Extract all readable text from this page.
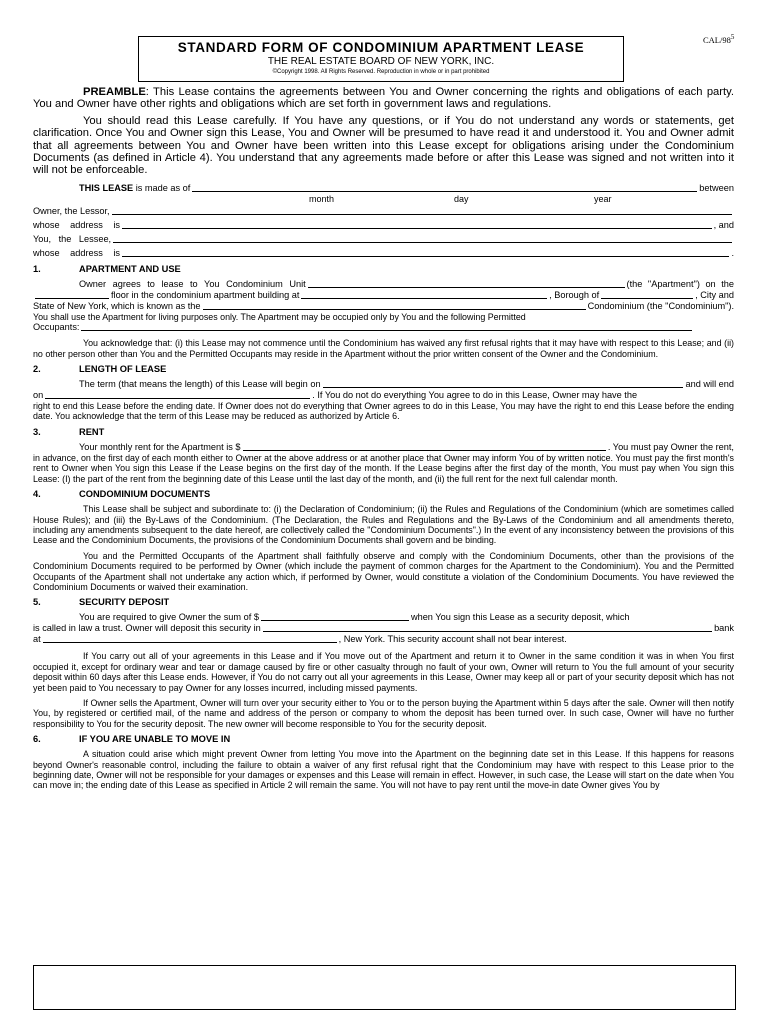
CAL/$98^5$
STANDARD FORM OF CONDOMINIUM APARTMENT LEASE
THE REAL ESTATE BOARD OF NEW YORK, INC.
©Copyright 1998. All Rights Reserved. Reproduction in whole or in part prohibited

PREAMBLE: This Lease contains the agreements between You and Owner concerning the rights and obligations of each party. You and Owner have other rights and obligations which are set forth in government laws and regulations.

You should read this Lease carefully. If You have any questions, or if You do not understand any words or statements, get clarification. Once You and Owner sign this Lease, You and Owner will be presumed to have read it and understood it. You and Owner admit that all agreements between You and Owner have been written into this Lease except for obligations arising under the Condominium Documents (as defined in Article 4). You understand that any agreements made before or after this Lease was signed and not written into it will not be enforceable.

THIS LEASE
is made as of	between
month	day	year
Owner, the Lessor,
whose address is	, and
You, the Lessee,
whose address is	.
1.	APARTMENT AND USE
Owner agrees to lease to You Condominium Unit	(the "Apartment") on the
floor in the condominium apartment building at	, Borough of	, City and
State of New York, which is known as the	Condominium (the "Condominium").

You shall use the Apartment for living purposes only. The Apartment may be occupied only by You and the following Permitted

Occupants:

You acknowledge that: (i) this Lease may not commence until the Condominium has waived any first refusal rights that it may have with respect to this Lease; and (ii) no other person other than You and the Permitted Occupants may reside in the Apartment without the prior written consent of the Owner and the Condominium.

2.	LENGTH OF LEASE
The term (that means the length) of this Lease will begin on	and will end
on	. If You do not do everything You agree to do in this Lease, Owner may have the

right to end this Lease before the ending date. If Owner does not do everything that Owner agrees to do in this Lease, You may have the right to end this Lease before the ending date. You acknowledge that the term of this Lease may be reduced as authorized by Article 6.

3.	RENT
Your monthly rent for the Apartment is $	. You must pay Owner the rent,

in advance, on the first day of each month either to Owner at the above address or at another place that Owner may inform You of by written notice. You must pay the first month's rent to Owner when You sign this Lease if the Lease begins on the first day of the month. If the Lease begins after the first day of the month, You must pay when You sign this Lease: (I) the part of the rent from the beginning date of this Lease until the last day of the month, and (ii) the full rent for the next full calendar month.

4.	CONDOMINIUM DOCUMENTS

This Lease shall be subject and subordinate to: (i) the Declaration of Condominium; (ii) the Rules and Regulations of the Condominium (which are sometimes called House Rules); and (iii) the By-Laws of the Condominium. (The Declaration, the Rules and Regulations and the By-Laws of the Condominium and all amendments thereto, including any amendments subsequent to the date hereof, are collectively called the "Condominium Documents".) In the event of any inconsistency between the provisions of this Lease and the Condominium Documents, the provisions of the Condominium Documents shall govern and be binding.

You and the Permitted Occupants of the Apartment shall faithfully observe and comply with the Condominium Documents, other than the provisions of the Condominium Documents required to be performed by Owner (which include the payment of common charges for the Apartment to the Condominium). You and the Permitted Occupants of the Apartment shall not undertake any action which, if performed by Owner, would constitute a violation of the Condominium Documents. You have reviewed the Condominium Documents or waived their examination.

5.	SECURITY DEPOSIT
You are required to give Owner the sum of $	when You sign this Lease as a security deposit, which
is called in law a trust. Owner will deposit this security in	bank
at	, New York. This security account shall not bear interest.

If You carry out all of your agreements in this Lease and if You move out of the Apartment and return it to Owner in the same condition it was in when You first occupied it, except for ordinary wear and tear or damage caused by fire or other casualty through no fault of your own, Owner will return to You the full amount of your security deposit within 60 days after this Lease ends. However, if You do not carry out all your agreements in this Lease, Owner may keep all or part of your security deposit which has not yet been paid to You necessary to pay Owner for any losses incurred, including missed payments.

If Owner sells the Apartment, Owner will turn over your security either to You or to the person buying the Apartment within 5 days after the sale. Owner will then notify You, by registered or certified mail, of the name and address of the person or company to whom the deposit has been turned over. In such case, Owner will have no further responsibility to You for the security deposit. The new owner will become responsible to You for the security deposit.

6.	IF YOU ARE UNABLE TO MOVE IN

A situation could arise which might prevent Owner from letting You move into the Apartment on the beginning date set in this Lease. If this happens for reasons beyond Owner's reasonable control, including the failure to obtain a waiver of any first refusal right that the Condominium may have with respect to this Lease prior to the beginning date, Owner will not be responsible for your damages or expenses and this Lease will remain in effect. However, in such case, the Lease will start on the date when You can move in; the ending date of this Lease as specified in Article 2 will remain the same. You will not have to pay rent until the move-in date Owner gives You by
